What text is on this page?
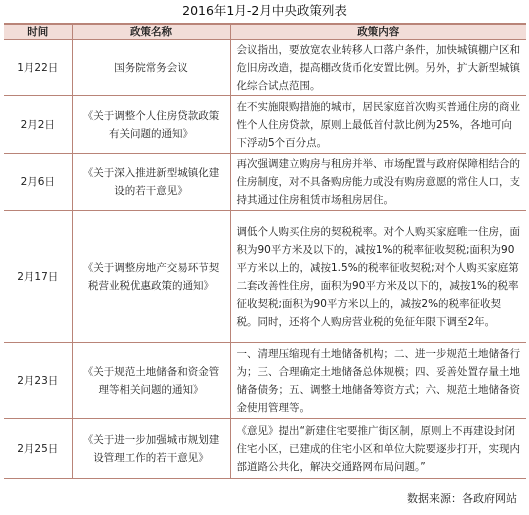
2016年1月-2月中央政策列表
时间	政策名称	政策内容
1月22日	国务院常务会议	会议指出，要放宽农业转移人口落户条件，加快城镇棚户区和危旧房改造，提高棚改货币化安置比例。另外，扩大新型城镇化综合试点范围。
2月2日	《关于调整个人住房贷款政策有关问题的通知》	在不实施限购措施的城市，居民家庭首次购买普通住房的商业性个人住房贷款，原则上最低首付款比例为25%，各地可向下浮动5个百分点。
2月6日	《关于深入推进新型城镇化建设的若干意见》	再次强调建立购房与租房并举、市场配置与政府保障相结合的住房制度，对不具备购房能力或没有购房意愿的常住人口，支持其通过住房租赁市场租房居住。
2月17日	《关于调整房地产交易环节契税营业税优惠政策的通知》	调低个人购买住房的契税税率。对个人购买家庭唯一住房，面积为90平方米及以下的，减按1%的税率征收契税;面积为90平方米以上的，减按1.5%的税率征收契税;对个人购买家庭第二套改善性住房，面积为90平方米及以下的，减按1%的税率征收契税;面积为90平方米以上的，减按2%的税率征收契税。同时，还将个人购房营业税的免征年限下调至2年。
2月23日	《关于规范土地储备和资金管理等相关问题的通知》	一、清理压缩现有土地储备机构；二、进一步规范土地储备行为；三、合理确定土地储备总体规模；四、妥善处置存量土地储备债务；五、调整土地储备筹资方式；六、规范土地储备资金使用管理等。
2月25日	《关于进一步加强城市规划建设管理工作的若干意见》	《意见》提出“新建住宅要推广街区制，原则上不再建设封闭住宅小区，已建成的住宅小区和单位大院要逐步打开，实现内部道路公共化，解决交通路网布局问题。”
数据来源：各政府网站
